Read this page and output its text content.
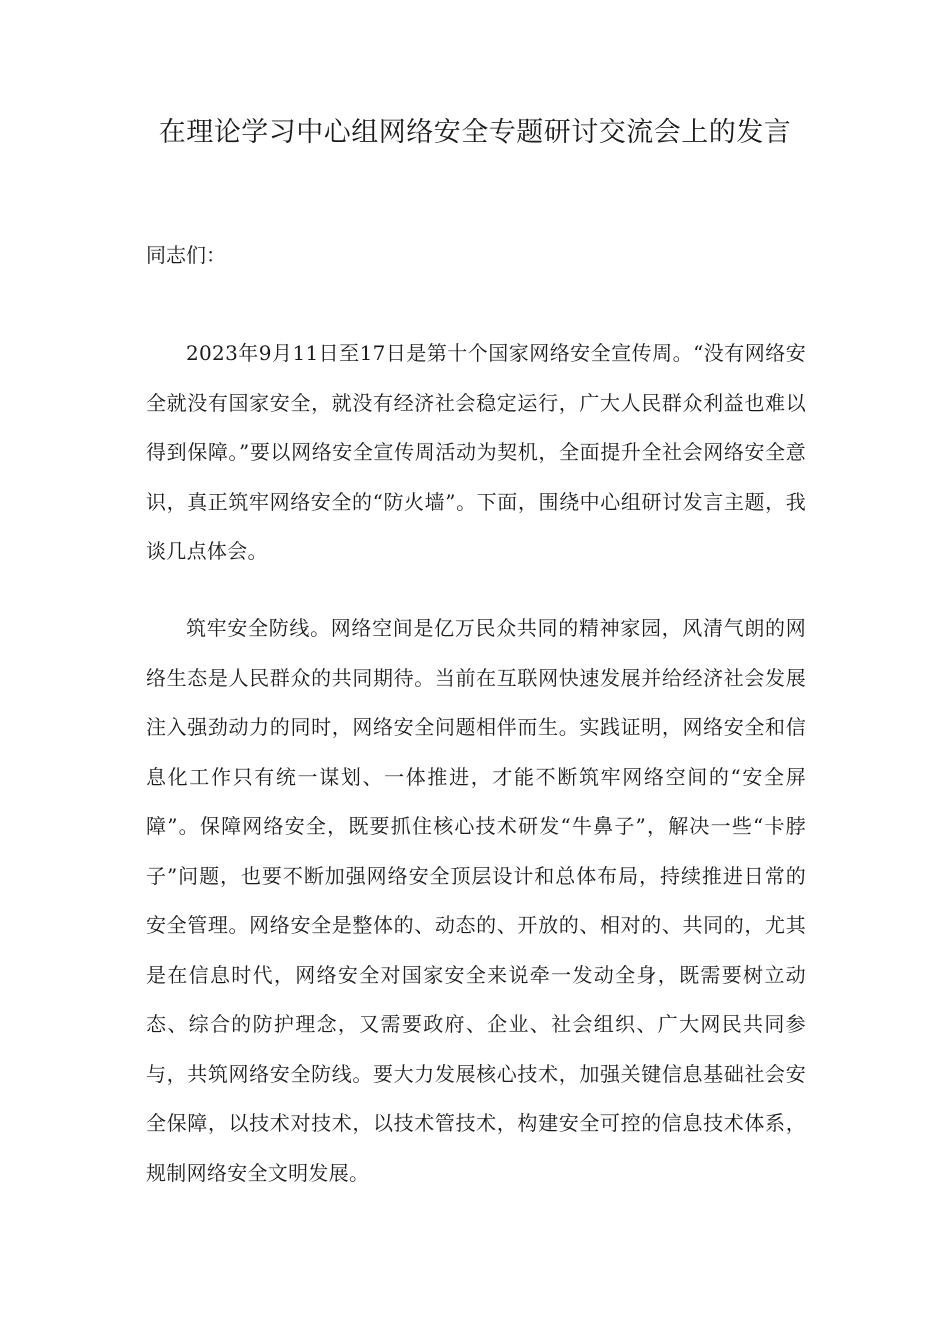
在理论学习中心组网络安全专题研讨交流会上的发言

同志们：

2023年9月11日至17日是第十个国家网络安全宣传周。“没有网络安全就没有国家安全，就没有经济社会稳定运行，广大人民群众利益也难以得到保障。”要以网络安全宣传周活动为契机，全面提升全社会网络安全意识，真正筑牢网络安全的“防火墙”。下面，围绕中心组研讨发言主题，我谈几点体会。

筑牢安全防线。网络空间是亿万民众共同的精神家园，风清气朗的网络生态是人民群众的共同期待。当前在互联网快速发展并给经济社会发展注入强劲动力的同时，网络安全问题相伴而生。实践证明，网络安全和信息化工作只有统一谋划、一体推进，才能不断筑牢网络空间的“安全屏障”。保障网络安全，既要抓住核心技术研发“牛鼻子”，解决一些“卡脖子”问题，也要不断加强网络安全顶层设计和总体布局，持续推进日常的安全管理。网络安全是整体的、动态的、开放的、相对的、共同的，尤其是在信息时代，网络安全对国家安全来说牵一发动全身，既需要树立动态、综合的防护理念，又需要政府、企业、社会组织、广大网民共同参与，共筑网络安全防线。要大力发展核心技术，加强关键信息基础社会安全保障，以技术对技术，以技术管技术，构建安全可控的信息技术体系，规制网络安全文明发展。
